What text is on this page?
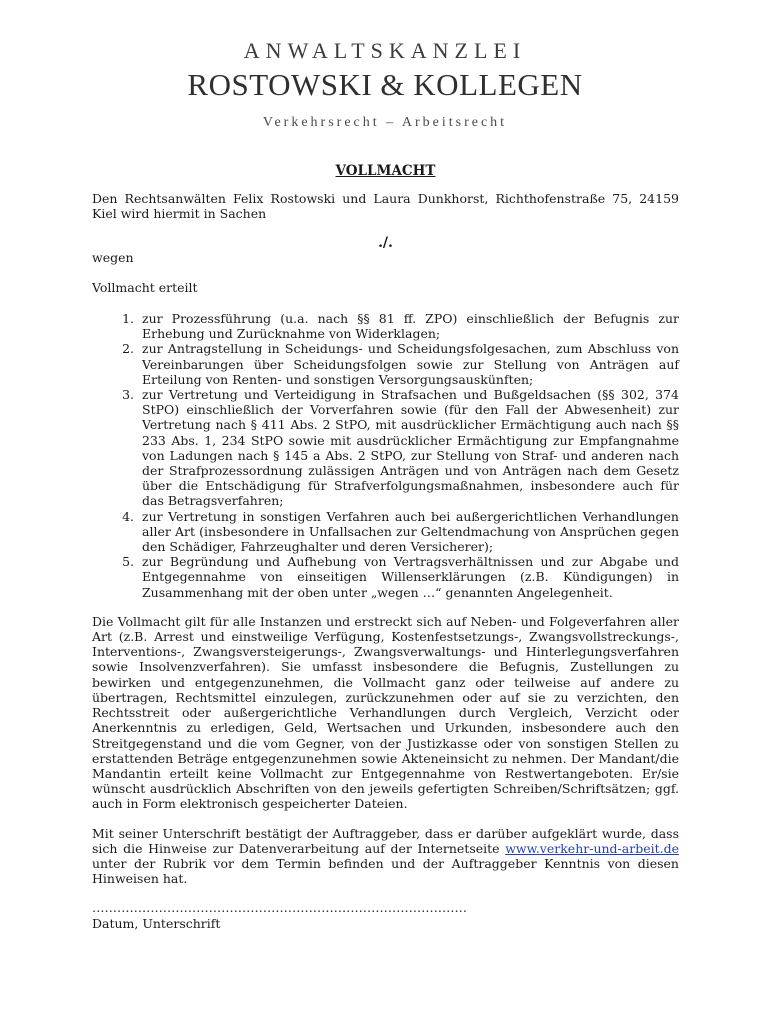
ANWALTSKANZLEI
ROSTOWSKI & KOLLEGEN
Verkehrsrecht – Arbeitsrecht
VOLLMACHT

Den Rechtsanwälten Felix Rostowski und Laura Dunkhorst, Richthofenstraße 75, 24159 Kiel wird hiermit in Sachen

./.

wegen

Vollmacht erteilt

1. zur Prozessführung (u.a. nach §§ 81 ff. ZPO) einschließlich der Befugnis zur Erhebung und Zurücknahme von Widerklagen;
2. zur Antragstellung in Scheidungs- und Scheidungsfolgesachen, zum Abschluss von Vereinbarungen über Scheidungsfolgen sowie zur Stellung von Anträgen auf Erteilung von Renten- und sonstigen Versorgungsauskünften;
3. zur Vertretung und Verteidigung in Strafsachen und Bußgeldsachen (§§ 302, 374 StPO) einschließlich der Vorverfahren sowie (für den Fall der Abwesenheit) zur Vertretung nach § 411 Abs. 2 StPO, mit ausdrücklicher Ermächtigung auch nach §§ 233 Abs. 1, 234 StPO sowie mit ausdrücklicher Ermächtigung zur Empfangnahme von Ladungen nach § 145 a Abs. 2 StPO, zur Stellung von Straf- und anderen nach der Strafprozessordnung zulässigen Anträgen und von Anträgen nach dem Gesetz über die Entschädigung für Strafverfolgungsmaßnahmen, insbesondere auch für das Betragsverfahren;
4. zur Vertretung in sonstigen Verfahren auch bei außergerichtlichen Verhandlungen aller Art (insbesondere in Unfallsachen zur Geltendmachung von Ansprüchen gegen den Schädiger, Fahrzeughalter und deren Versicherer);
5. zur Begründung und Aufhebung von Vertragsverhältnissen und zur Abgabe und Entgegennahme von einseitigen Willenserklärungen (z.B. Kündigungen) in Zusammenhang mit der oben unter „wegen …“ genannten Angelegenheit.

Die Vollmacht gilt für alle Instanzen und erstreckt sich auf Neben- und Folgeverfahren aller Art (z.B. Arrest und einstweilige Verfügung, Kostenfestsetzungs-, Zwangsvollstreckungs-, Interventions-, Zwangsversteigerungs-, Zwangsverwaltungs- und Hinterlegungsverfahren sowie Insolvenzverfahren). Sie umfasst insbesondere die Befugnis, Zustellungen zu bewirken und entgegenzunehmen, die Vollmacht ganz oder teilweise auf andere zu übertragen, Rechtsmittel einzulegen, zurückzunehmen oder auf sie zu verzichten, den Rechtsstreit oder außergerichtliche Verhandlungen durch Vergleich, Verzicht oder Anerkenntnis zu erledigen, Geld, Wertsachen und Urkunden, insbesondere auch den Streitgegenstand und die vom Gegner, von der Justizkasse oder von sonstigen Stellen zu erstattenden Beträge entgegenzunehmen sowie Akteneinsicht zu nehmen. Der Mandant/die Mandantin erteilt keine Vollmacht zur Entgegennahme von Restwertangeboten. Er/sie wünscht ausdrücklich Abschriften von den jeweils gefertigten Schreiben/Schriftsätzen; ggf. auch in Form elektronisch gespeicherter Dateien.

Mit seiner Unterschrift bestätigt der Auftraggeber, dass er darüber aufgeklärt wurde, dass sich die Hinweise zur Datenverarbeitung auf der Internetseite www.verkehr-und-arbeit.de unter der Rubrik vor dem Termin befinden und der Auftraggeber Kenntnis von diesen Hinweisen hat.

………………………………………………………………………………
Datum, Unterschrift
